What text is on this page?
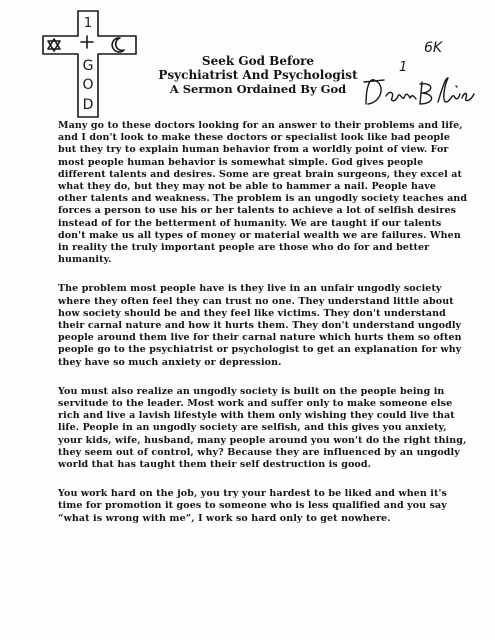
1
G
O
D
Seek God Before
Psychiatrist And Psychologist
A Sermon Ordained By God
6K
1

Many go to these doctors looking for an answer to their problems and life, and I don't look to make these doctors or specialist look like bad people but they try to explain human behavior from a worldly point of view. For most people human behavior is somewhat simple. God gives people different talents and desires. Some are great brain surgeons, they excel at what they do, but they may not be able to hammer a nail. People have other talents and weakness. The problem is an ungodly society teaches and forces a person to use his or her talents to achieve a lot of selfish desires instead of for the betterment of humanity. We are taught if our talents don't make us all types of money or material wealth we are failures. When in reality the truly important people are those who do for and better humanity.

The problem most people have is they live in an unfair ungodly society where they often feel they can trust no one. They understand little about how society should be and they feel like victims. They don't understand their carnal nature and how it hurts them. They don't understand ungodly people around them live for their carnal nature which hurts them so often people go to the psychiatrist or psychologist to get an explanation for why they have so much anxiety or depression.

You must also realize an ungodly society is built on the people being in servitude to the leader. Most work and suffer only to make someone else rich and live a lavish lifestyle with them only wishing they could live that life. People in an ungodly society are selfish, and this gives you anxiety, your kids, wife, husband, many people around you won't do the right thing, they seem out of control, why? Because they are influenced by an ungodly world that has taught them their self destruction is good.

You work hard on the job, you try your hardest to be liked and when it's time for promotion it goes to someone who is less qualified and you say “what is wrong with me”, I work so hard only to get nowhere.
